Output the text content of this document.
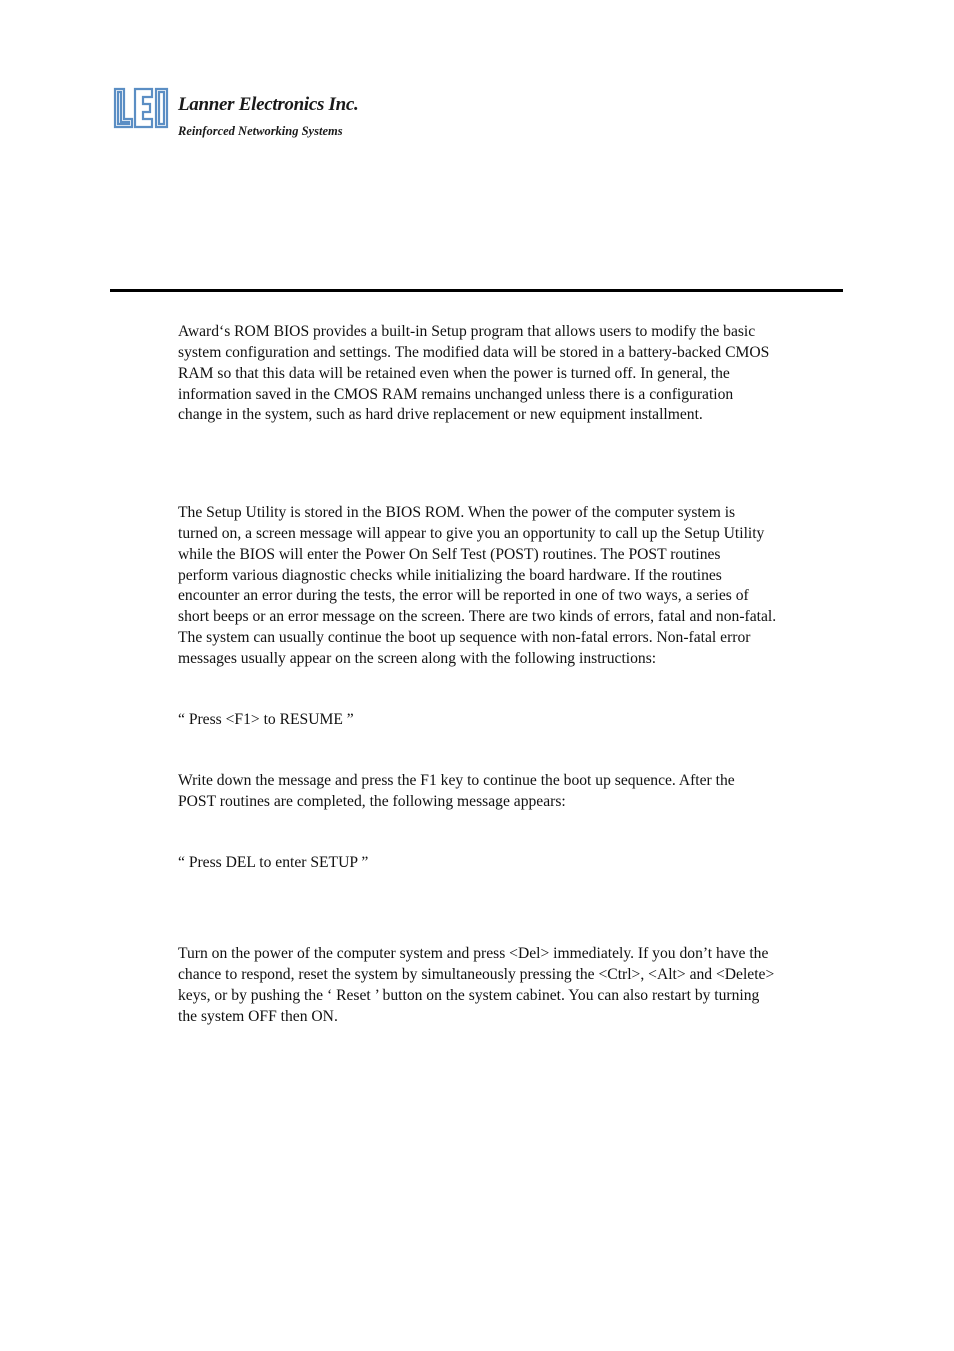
Lanner Electronics Inc.
Reinforced Networking Systems

Award‘s ROM BIOS provides a built-in Setup program that allows users to modify the basic
system configuration and settings. The modified data will be stored in a battery-backed CMOS
RAM so that this data will be retained even when the power is turned off. In general, the
information saved in the CMOS RAM remains unchanged unless there is a configuration
change in the system, such as hard drive replacement or new equipment installment.

The Setup Utility is stored in the BIOS ROM. When the power of the computer system is
turned on, a screen message will appear to give you an opportunity to call up the Setup Utility
while the BIOS will enter the Power On Self Test (POST) routines. The POST routines
perform various diagnostic checks while initializing the board hardware. If the routines
encounter an error during the tests, the error will be reported in one of two ways, a series of
short beeps or an error message on the screen. There are two kinds of errors, fatal and non-fatal.
The system can usually continue the boot up sequence with non-fatal errors. Non-fatal error
messages usually appear on the screen along with the following instructions:

“ Press <F1> to RESUME ”

Write down the message and press the F1 key to continue the boot up sequence. After the
POST routines are completed, the following message appears:

“ Press DEL to enter SETUP ”

Turn on the power of the computer system and press <Del> immediately. If you don’t have the
chance to respond, reset the system by simultaneously pressing the <Ctrl>, <Alt> and <Delete>
keys, or by pushing the ‘ Reset ’ button on the system cabinet. You can also restart by turning
the system OFF then ON.
